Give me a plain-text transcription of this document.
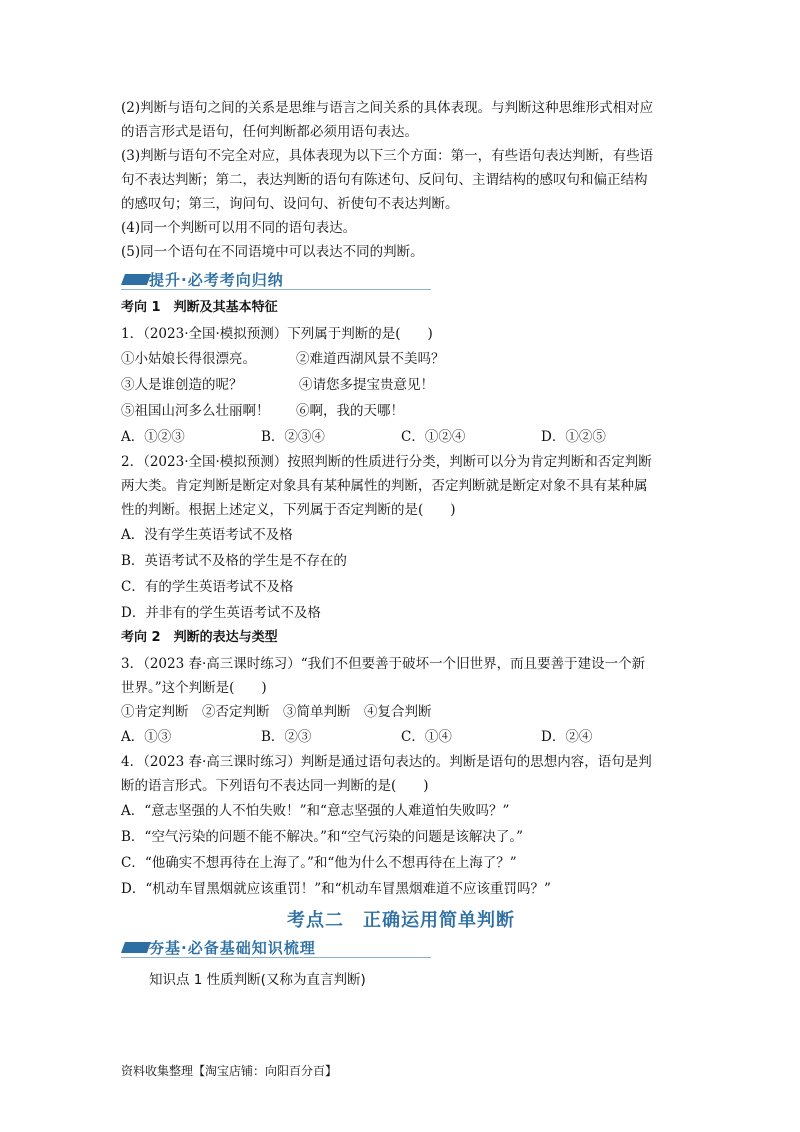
(2)判断与语句之间的关系是思维与语言之间关系的具体表现。与判断这种思维形式相对应

的语言形式是语句，任何判断都必须用语句表达。

(3)判断与语句不完全对应，具体表现为以下三个方面：第一，有些语句表达判断，有些语

句不表达判断；第二，表达判断的语句有陈述句、反问句、主谓结构的感叹句和偏正结构

的感叹句；第三，询问句、设问句、祈使句不表达判断。

(4)同一个判断可以用不同的语句表达。

(5)同一个语句在不同语境中可以表达不同的判断。

提升·必考考向归纳

考向 1　判断及其基本特征

1．（2023·全国·模拟预测）下列属于判断的是(　　)

①小姑娘长得很漂亮。	②难道西湖风景不美吗？
③人是谁创造的呢？	④请您多提宝贵意见！
⑤祖国山河多么壮丽啊！	⑥啊，我的天哪！
A．①②③	B．②③④	C．①②④	D．①②⑤

2．（2023·全国·模拟预测）按照判断的性质进行分类，判断可以分为肯定判断和否定判断

两大类。肯定判断是断定对象具有某种属性的判断，否定判断就是断定对象不具有某种属

性的判断。根据上述定义，下列属于否定判断的是(　　)

A．没有学生英语考试不及格

B．英语考试不及格的学生是不存在的

C．有的学生英语考试不及格

D．并非有的学生英语考试不及格

考向 2　判断的表达与类型

3．（2023 春·高三课时练习）“我们不但要善于破坏一个旧世界，而且要善于建设一个新

世界。”这个判断是(　　)

①肯定判断　②否定判断　③简单判断　④复合判断

A．①③	B．②③	C．①④	D．②④

4．（2023 春·高三课时练习）判断是通过语句表达的。判断是语句的思想内容，语句是判

断的语言形式。下列语句不表达同一判断的是(　　)

A．“意志坚强的人不怕失败！”和“意志坚强的人难道怕失败吗？”

B．“空气污染的问题不能不解决。”和“空气污染的问题是该解决了。”

C．“他确实不想再待在上海了。”和“他为什么不想再待在上海了？”

D．“机动车冒黑烟就应该重罚！”和“机动车冒黑烟难道不应该重罚吗？”

考点二　正确运用简单判断
夯基·必备基础知识梳理
知识点 1 性质判断(又称为直言判断)
资料收集整理【淘宝店铺：向阳百分百】
